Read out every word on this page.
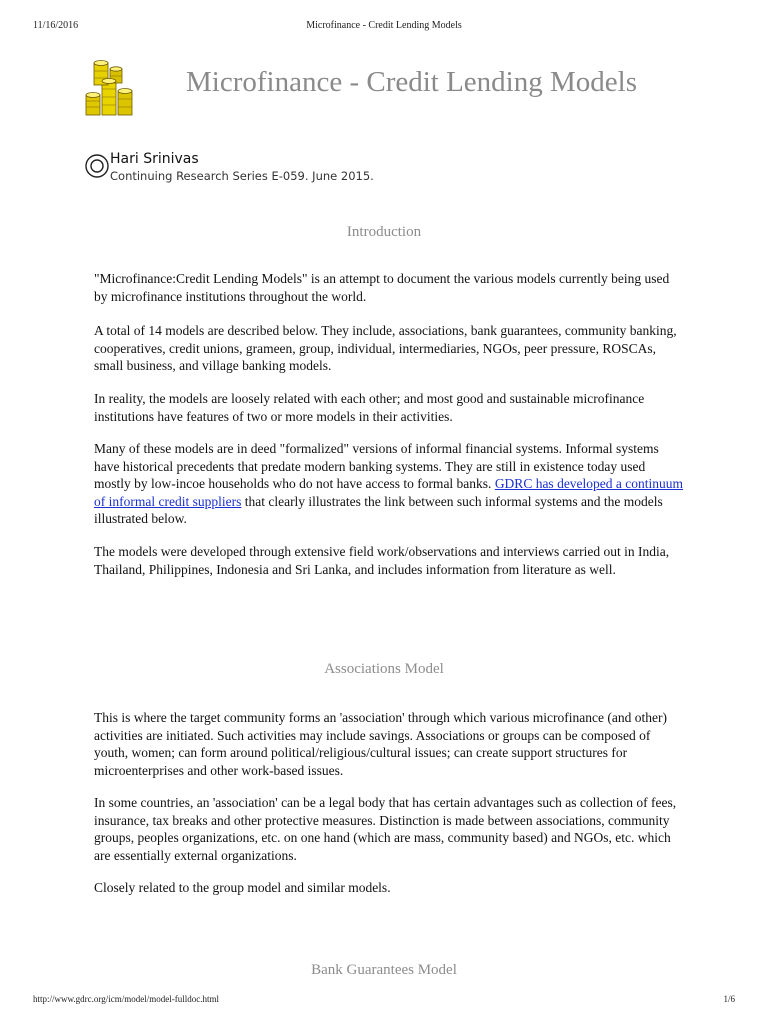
11/16/2016	Microfinance - Credit Lending Models
Microfinance - Credit Lending Models
Hari Srinivas
Continuing Research Series E-059. June 2015.
Introduction

"Microfinance:Credit Lending Models" is an attempt to document the various models currently being used by microfinance institutions throughout the world.

A total of 14 models are described below. They include, associations, bank guarantees, community banking, cooperatives, credit unions, grameen, group, individual, intermediaries, NGOs, peer pressure, ROSCAs, small business, and village banking models.

In reality, the models are loosely related with each other; and most good and sustainable microfinance institutions have features of two or more models in their activities.

Many of these models are in deed "formalized" versions of informal financial systems. Informal systems have historical precedents that predate modern banking systems. They are still in existence today used mostly by low-incoe households who do not have access to formal banks. GDRC has developed a continuum of informal credit suppliers that clearly illustrates the link between such informal systems and the models illustrated below.

The models were developed through extensive field work/observations and interviews carried out in India, Thailand, Philippines, Indonesia and Sri Lanka, and includes information from literature as well.

Associations Model

This is where the target community forms an 'association' through which various microfinance (and other) activities are initiated. Such activities may include savings. Associations or groups can be composed of youth, women; can form around political/religious/cultural issues; can create support structures for microenterprises and other work-based issues.

In some countries, an 'association' can be a legal body that has certain advantages such as collection of fees, insurance, tax breaks and other protective measures. Distinction is made between associations, community groups, peoples organizations, etc. on one hand (which are mass, community based) and NGOs, etc. which are essentially external organizations.

Closely related to the group model and similar models.

Bank Guarantees Model
http://www.gdrc.org/icm/model/model-fulldoc.html	1/6
